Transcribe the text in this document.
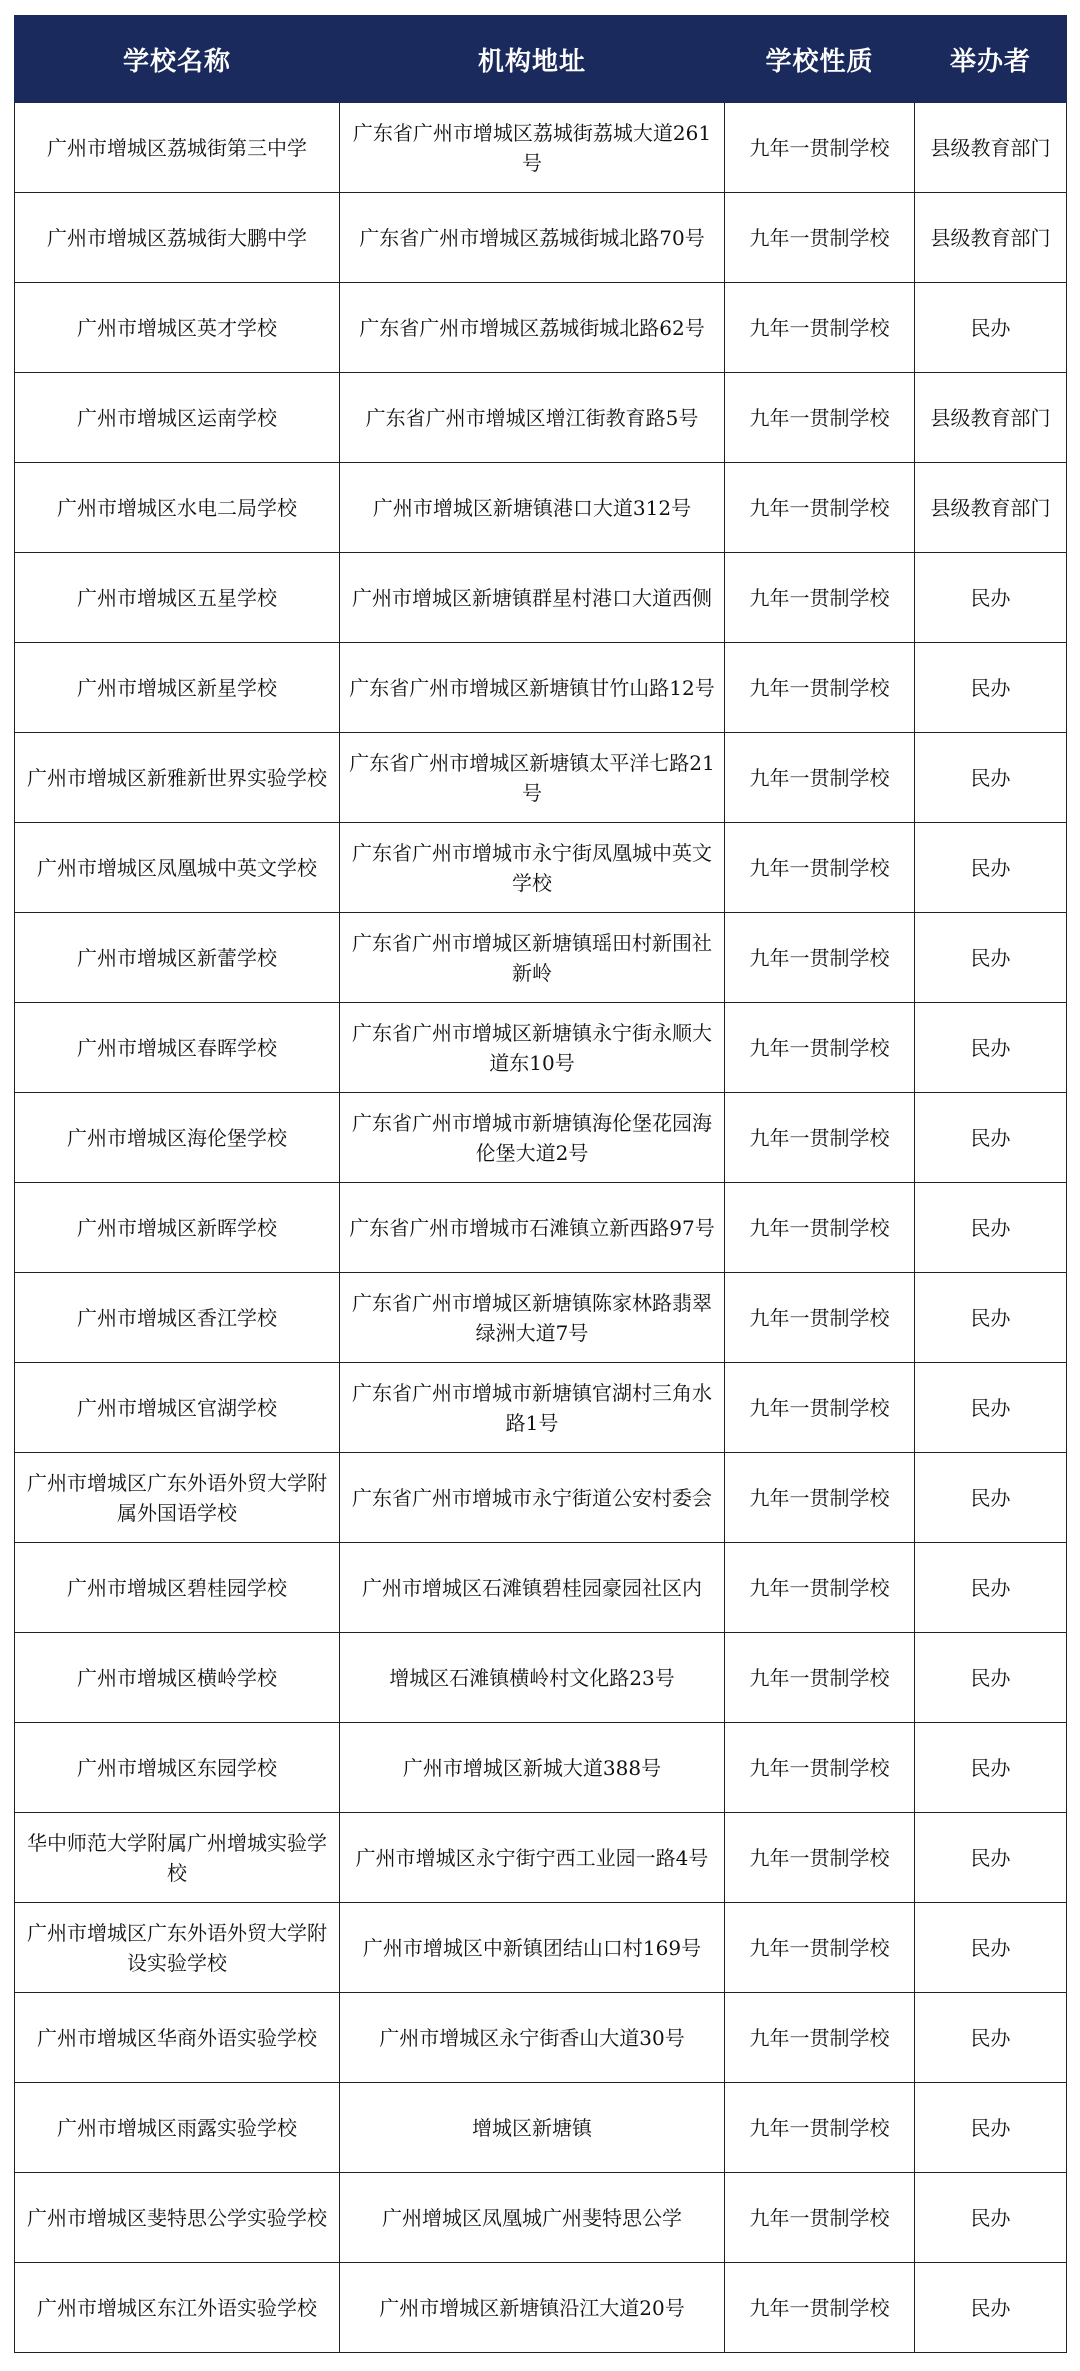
学校名称	机构地址	学校性质	举办者
广州市增城区荔城街第三中学	广东省广州市增城区荔城街荔城大道261号	九年一贯制学校	县级教育部门
广州市增城区荔城街大鹏中学	广东省广州市增城区荔城街城北路70号	九年一贯制学校	县级教育部门
广州市增城区英才学校	广东省广州市增城区荔城街城北路62号	九年一贯制学校	民办
广州市增城区运南学校	广东省广州市增城区增江街教育路5号	九年一贯制学校	县级教育部门
广州市增城区水电二局学校	广州市增城区新塘镇港口大道312号	九年一贯制学校	县级教育部门
广州市增城区五星学校	广州市增城区新塘镇群星村港口大道西侧	九年一贯制学校	民办
广州市增城区新星学校	广东省广州市增城区新塘镇甘竹山路12号	九年一贯制学校	民办
广州市增城区新雅新世界实验学校	广东省广州市增城区新塘镇太平洋七路21号	九年一贯制学校	民办
广州市增城区凤凰城中英文学校	广东省广州市增城市永宁街凤凰城中英文学校	九年一贯制学校	民办
广州市增城区新蕾学校	广东省广州市增城区新塘镇瑶田村新围社新岭	九年一贯制学校	民办
广州市增城区春晖学校	广东省广州市增城区新塘镇永宁街永顺大道东10号	九年一贯制学校	民办
广州市增城区海伦堡学校	广东省广州市增城市新塘镇海伦堡花园海伦堡大道2号	九年一贯制学校	民办
广州市增城区新晖学校	广东省广州市增城市石滩镇立新西路97号	九年一贯制学校	民办
广州市增城区香江学校	广东省广州市增城区新塘镇陈家林路翡翠绿洲大道7号	九年一贯制学校	民办
广州市增城区官湖学校	广东省广州市增城市新塘镇官湖村三角水路1号	九年一贯制学校	民办
广州市增城区广东外语外贸大学附属外国语学校	广东省广州市增城市永宁街道公安村委会	九年一贯制学校	民办
广州市增城区碧桂园学校	广州市增城区石滩镇碧桂园豪园社区内	九年一贯制学校	民办
广州市增城区横岭学校	增城区石滩镇横岭村文化路23号	九年一贯制学校	民办
广州市增城区东园学校	广州市增城区新城大道388号	九年一贯制学校	民办
华中师范大学附属广州增城实验学校	广州市增城区永宁街宁西工业园一路4号	九年一贯制学校	民办
广州市增城区广东外语外贸大学附设实验学校	广州市增城区中新镇团结山口村169号	九年一贯制学校	民办
广州市增城区华商外语实验学校	广州市增城区永宁街香山大道30号	九年一贯制学校	民办
广州市增城区雨露实验学校	增城区新塘镇	九年一贯制学校	民办
广州市增城区斐特思公学实验学校	广州增城区凤凰城广州斐特思公学	九年一贯制学校	民办
广州市增城区东江外语实验学校	广州市增城区新塘镇沿江大道20号	九年一贯制学校	民办
